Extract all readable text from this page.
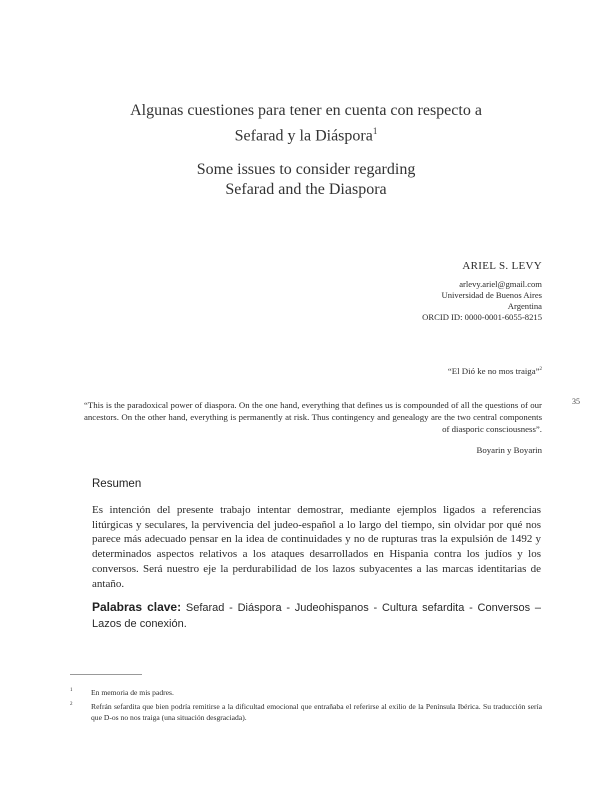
Algunas cuestiones para tener en cuenta con respecto a
Sefarad y la Diáspora$^1$
Some issues to consider regarding
Sefarad and the Diaspora
ARIEL S. LEVY
arlevy.ariel@gmail.com
Universidad de Buenos Aires
Argentina
ORCID ID: 0000-0001-6055-8215
“El Dió ke no mos traiga”$^2$
“This is the paradoxical power of diaspora. On the one hand, everything that defines us is compounded of all the questions of our ancestors. On the other hand, everything is permanently at risk. Thus contingency and genealogy are the two central components of diasporic consciousness”.
Boyarin y Boyarin
35
Resumen

Es intención del presente trabajo intentar demostrar, mediante ejemplos ligados a referencias litúrgicas y seculares, la pervivencia del judeo-español a lo largo del tiempo, sin olvidar por qué nos parece más adecuado pensar en la idea de continuidades y no de rupturas tras la expulsión de 1492 y determinados aspectos relativos a los ataques desarrollados en Hispania contra los judíos y los conversos. Será nuestro eje la perdurabilidad de los lazos subyacentes a las marcas identitarias de antaño.

Palabras clave: Sefarad - Diáspora - Judeohispanos - Cultura sefardita - Conversos – Lazos de conexión.
1 En memoria de mis padres.
2 Refrán sefardita que bien podría remitirse a la dificultad emocional que entrañaba el referirse al exilio de la Península Ibérica. Su traducción sería que D-os no nos traiga (una situación desgraciada).
